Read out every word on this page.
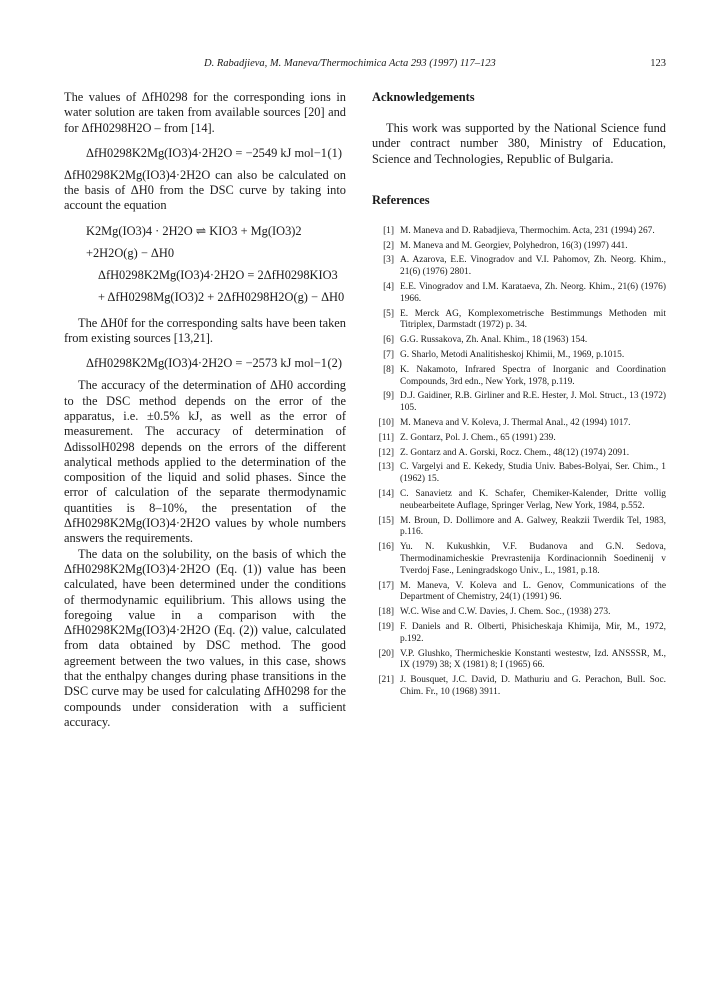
D. Rabadjieva, M. Maneva/Thermochimica Acta 293 (1997) 117–123	123

The values of ΔfH0298 for the corresponding ions in water solution are taken from available sources [20] and for ΔfH0298H2O – from [14].

ΔfH0298K2Mg(IO3)4·2H2O = −2549 kJ mol−1 (1)

ΔfH0298K2Mg(IO3)4·2H2O can also be calculated on the basis of ΔH0 from the DSC curve by taking into account the equation

K2Mg(IO3)4 · 2H2O ⇌ KIO3 + Mg(IO3)2
+2H2O(g) − ΔH0
ΔfH0298K2Mg(IO3)4·2H2O = 2ΔfH0298KIO3
+ ΔfH0298Mg(IO3)2 + 2ΔfH0298H2O(g) − ΔH0

The ΔH0f for the corresponding salts have been taken from existing sources [13,21].

ΔfH0298K2Mg(IO3)4·2H2O = −2573 kJ mol−1 (2)

The accuracy of the determination of ΔH0 according to the DSC method depends on the error of the apparatus, i.e. ±0.5% kJ, as well as the error of measurement. The accuracy of determination of ΔdissolH0298 depends on the errors of the different analytical methods applied to the determination of the composition of the liquid and solid phases. Since the error of calculation of the separate thermodynamic quantities is 8–10%, the presentation of the ΔfH0298K2Mg(IO3)4·2H2O values by whole numbers answers the requirements.

The data on the solubility, on the basis of which the ΔfH0298K2Mg(IO3)4·2H2O (Eq. (1)) value has been calculated, have been determined under the conditions of thermodynamic equilibrium. This allows using the foregoing value in a comparison with the ΔfH0298K2Mg(IO3)4·2H2O (Eq. (2)) value, calculated from data obtained by DSC method. The good agreement between the two values, in this case, shows that the enthalpy changes during phase transitions in the DSC curve may be used for calculating ΔfH0298 for the compounds under consideration with a sufficient accuracy.

Acknowledgements

This work was supported by the National Science fund under contract number 380, Ministry of Education, Science and Technologies, Republic of Bulgaria.

References
[1] M. Maneva and D. Rabadjieva, Thermochim. Acta, 231 (1994) 267.
[2] M. Maneva and M. Georgiev, Polyhedron, 16(3) (1997) 441.
[3] A. Azarova, E.E. Vinogradov and V.I. Pahomov, Zh. Neorg. Khim., 21(6) (1976) 2801.
[4] E.E. Vinogradov and I.M. Karataeva, Zh. Neorg. Khim., 21(6) (1976) 1966.
[5] E. Merck AG, Komplexometrische Bestimmungs Methoden mit Titriplex, Darmstadt (1972) p. 34.
[6] G.G. Russakova, Zh. Anal. Khim., 18 (1963) 154.
[7] G. Sharlo, Metodi Analitisheskoj Khimii, M., 1969, p.1015.
[8] K. Nakamoto, Infrared Spectra of Inorganic and Coordination Compounds, 3rd edn., New York, 1978, p.119.
[9] D.J. Gaidiner, R.B. Girliner and R.E. Hester, J. Mol. Struct., 13 (1972) 105.
[10] M. Maneva and V. Koleva, J. Thermal Anal., 42 (1994) 1017.
[11] Z. Gontarz, Pol. J. Chem., 65 (1991) 239.
[12] Z. Gontarz and A. Gorski, Rocz. Chem., 48(12) (1974) 2091.
[13] C. Vargelyi and E. Kekedy, Studia Univ. Babes-Bolyai, Ser. Chim., 1 (1962) 15.
[14] C. Sanavietz and K. Schafer, Chemiker-Kalender, Dritte vollig neubearbeitete Auflage, Springer Verlag, New York, 1984, p.552.
[15] M. Broun, D. Dollimore and A. Galwey, Reakzii Twerdik Tel, 1983, p.116.
[16] Yu. N. Kukushkin, V.F. Budanova and G.N. Sedova, Thermodinamicheskie Prevrastenija Kordinacionnih Soedinenij v Tverdoj Fase., Leningradskogo Univ., L., 1981, p.18.
[17] M. Maneva, V. Koleva and L. Genov, Communications of the Department of Chemistry, 24(1) (1991) 96.
[18] W.C. Wise and C.W. Davies, J. Chem. Soc., (1938) 273.
[19] F. Daniels and R. Olberti, Phisicheskaja Khimija, Mir, M., 1972, p.192.
[20] V.P. Glushko, Thermicheskie Konstanti westestw, Izd. ANSSSR, M., IX (1979) 38; X (1981) 8; I (1965) 66.
[21] J. Bousquet, J.C. David, D. Mathuriu and G. Perachon, Bull. Soc. Chim. Fr., 10 (1968) 3911.
